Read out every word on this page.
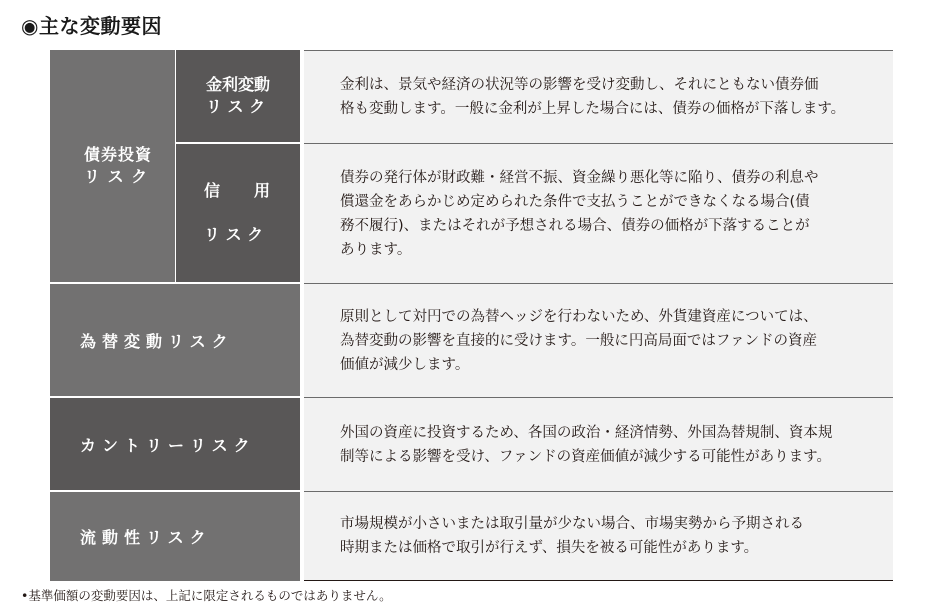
◉主な変動要因
債券投資
リ ス ク
金利変動
リ ス ク

信 用

リ ス ク

為替変動リスク
カントリーリスク
流動性リスク
金利は、景気や経済の状況等の影響を受け変動し、それにともない債券価
格も変動します。一般に金利が上昇した場合には、債券の価格が下落します。
債券の発行体が財政難・経営不振、資金繰り悪化等に陥り、債券の利息や
償還金をあらかじめ定められた条件で支払うことができなくなる場合(債
務不履行)、またはそれが予想される場合、債券の価格が下落することが
あります。
原則として対円での為替ヘッジを行わないため、外貨建資産については、
為替変動の影響を直接的に受けます。一般に円高局面ではファンドの資産
価値が減少します。
外国の資産に投資するため、各国の政治・経済情勢、外国為替規制、資本規
制等による影響を受け、ファンドの資産価値が減少する可能性があります。
市場規模が小さいまたは取引量が少ない場合、市場実勢から予期される
時期または価格で取引が行えず、損失を被る可能性があります。
•基準価額の変動要因は、上記に限定されるものではありません。
